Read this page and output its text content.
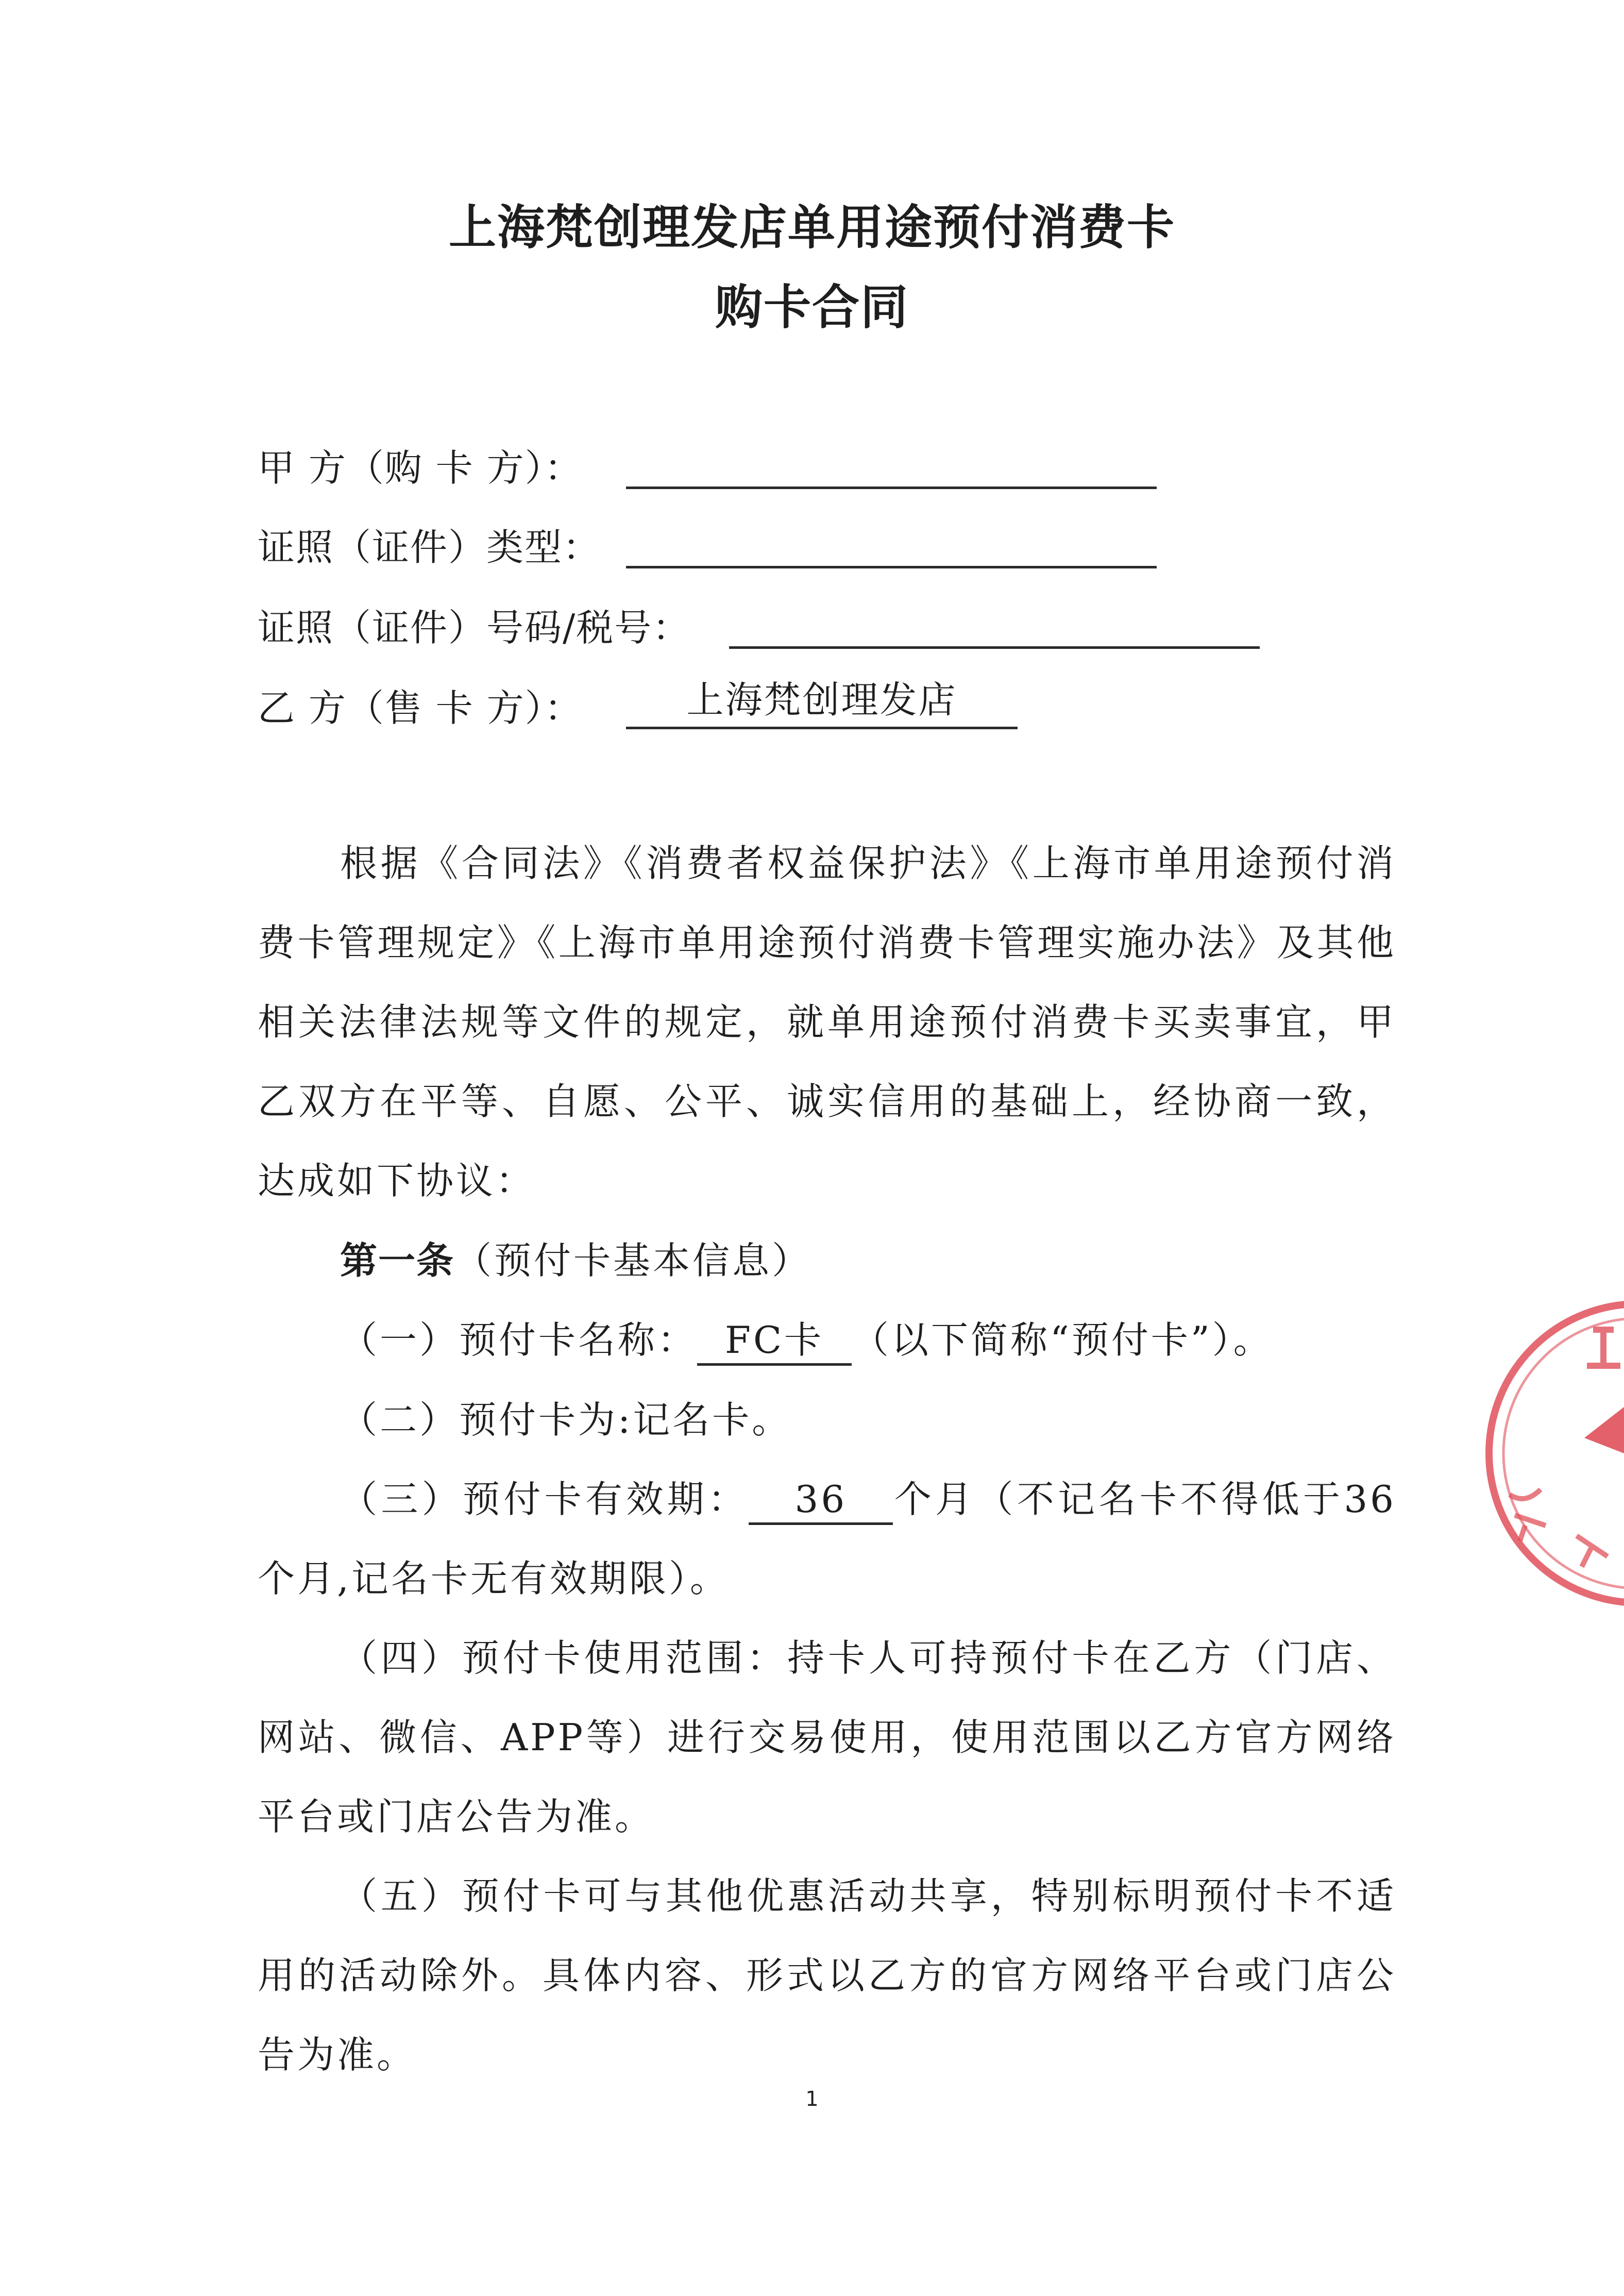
上海梵创理发店单用途预付消费卡
购卡合同
甲 方（购 卡 方）：
证照（证件）类型：
证照（证件）号码/税号：
乙 方（售 卡 方）：	上海梵创理发店

根据《合同法》《消费者权益保护法》《上海市单用途预付消费卡管理规定》《上海市单用途预付消费卡管理实施办法》及其他相关法律法规等文件的规定，就单用途预付消费卡买卖事宜，甲乙双方在平等、自愿、公平、诚实信用的基础上，经协商一致，达成如下协议：

第一条（预付卡基本信息）

（一）预付卡名称： FC卡 （以下简称“预付卡”）。

（二）预付卡为:记名卡。

（三）预付卡有效期： 36 个月（不记名卡不得低于36个月,记名卡无有效期限）。

（四）预付卡使用范围：持卡人可持预付卡在乙方（门店、网站、微信、APP等）进行交易使用，使用范围以乙方官方网络平台或门店公告为准。

（五）预付卡可与其他优惠活动共享，特别标明预付卡不适用的活动除外。具体内容、形式以乙方的官方网络平台或门店公告为准。

1
